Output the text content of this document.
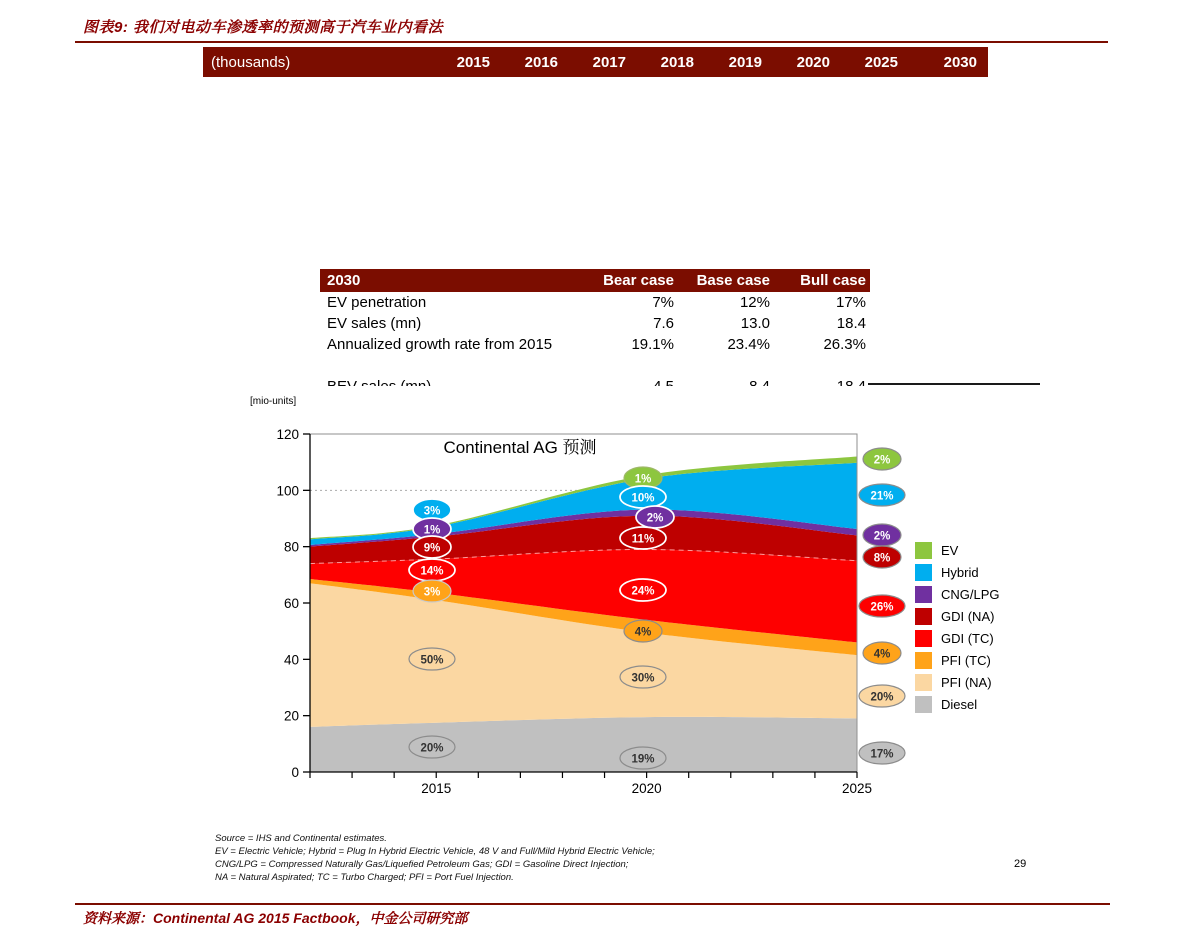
图表9: 我们对电动车渗透率的预测高于汽车业内看法
(thousands)	2015	2016	2017	2018	2019	2020	2025	2030
2030	Bear case	Base case	Bull case
EV penetration	7%	12%	17%
EV sales (mn)	7.6	13.0	18.4
Annualized growth rate from 2015	19.1%	23.4%	26.3%
0
20
40
60
80
100
120
2015	2020	2025
3%
1%
9%
14%
3%
50%
20%
1%
10%
2%
11%
24%
4%
30%
19%
2%
21%
2%
8%
26%
4%
20%
17%
Continental AG 预测
[mio-units]
EV
Hybrid
CNG/LPG
GDI (NA)
GDI (TC)
PFI (TC)
PFI (NA)
Diesel
Source = IHS and Continental estimates.
EV = Electric Vehicle; Hybrid = Plug In Hybrid Electric Vehicle, 48 V and Full/Mild Hybrid Electric Vehicle;
CNG/LPG = Compressed Naturally Gas/Liquefied Petroleum Gas; GDI = Gasoline Direct Injection;
NA = Natural Aspirated; TC = Turbo Charged; PFI = Port Fuel Injection.
29
资料来源：Continental AG 2015 Factbook，中金公司研究部
